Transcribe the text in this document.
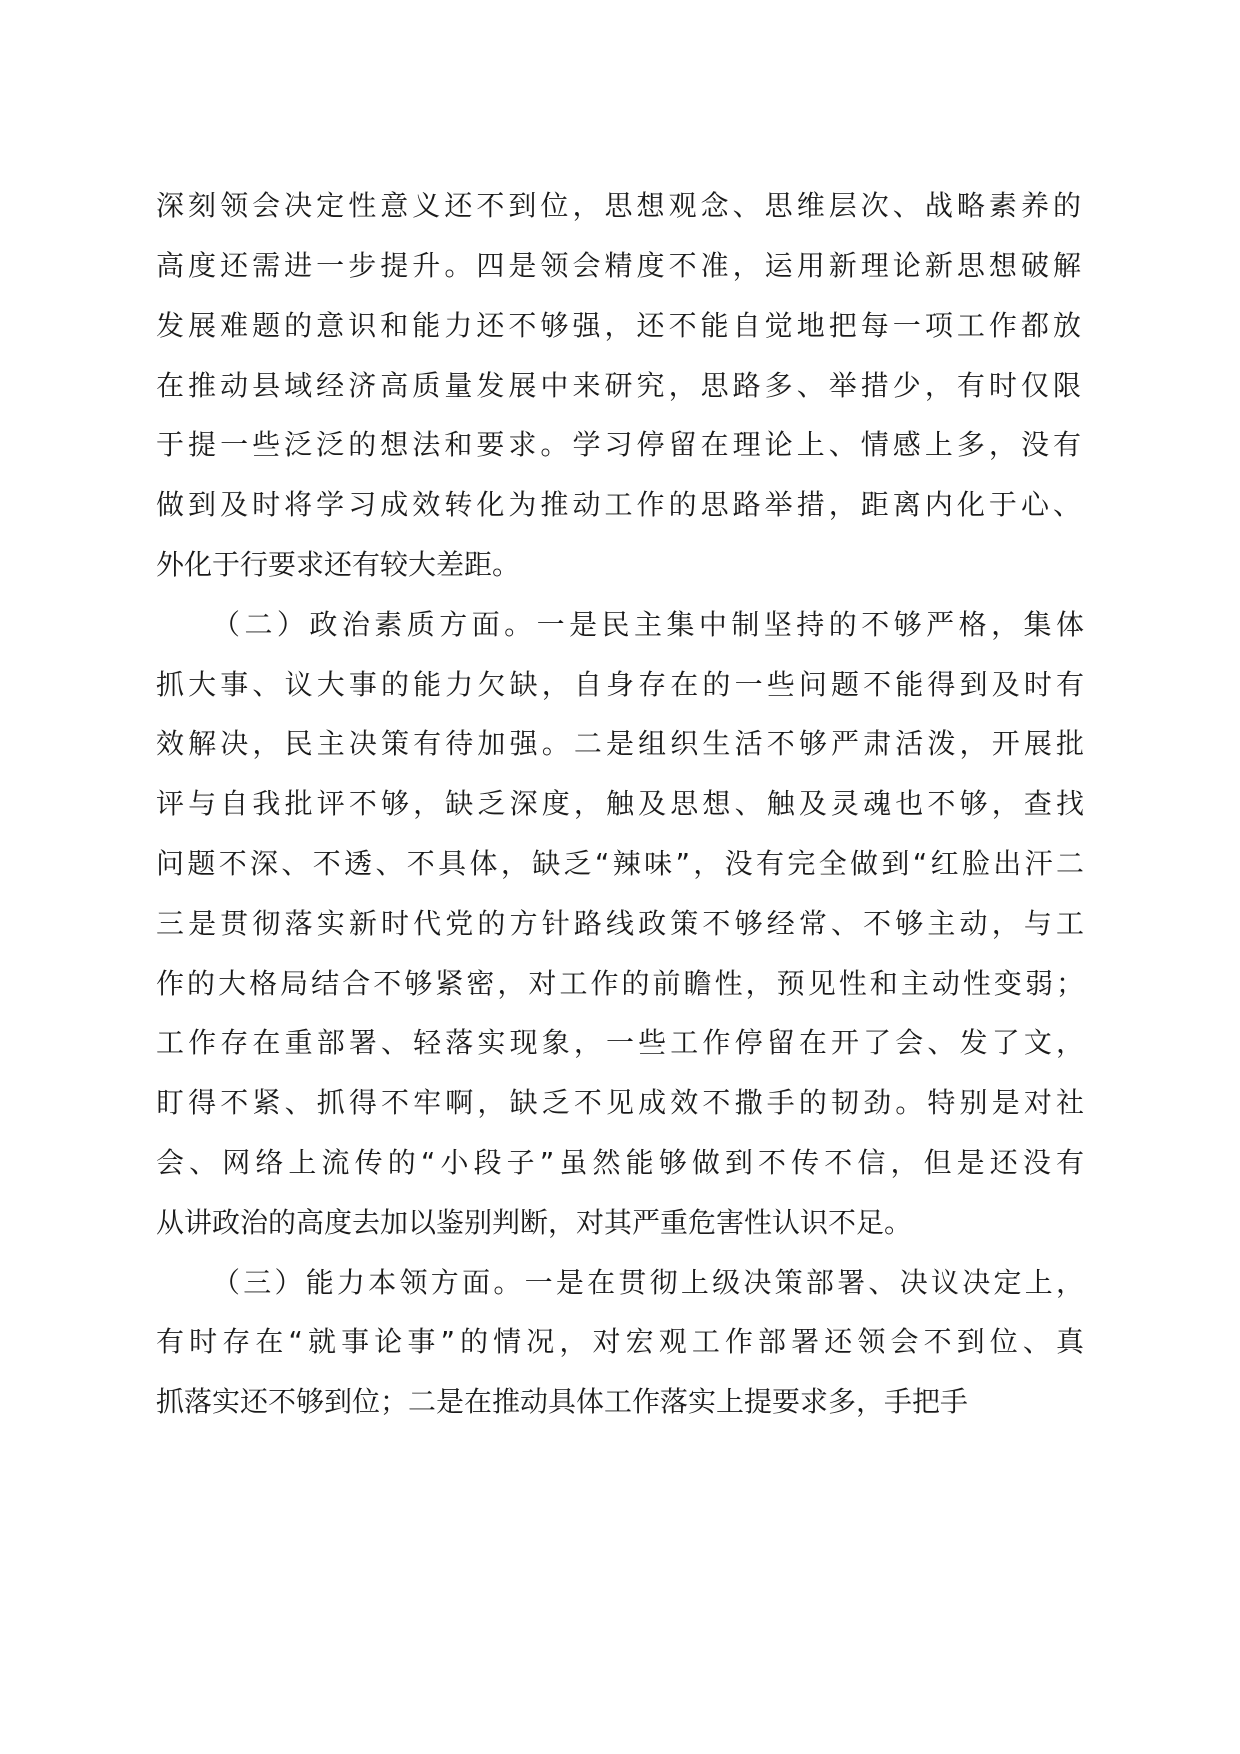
深刻领会决定性意义还不到位，思想观念、思维层次、战略素养的
高度还需进一步提升。四是领会精度不准，运用新理论新思想破解
发展难题的意识和能力还不够强，还不能自觉地把每一项工作都放
在推动县域经济高质量发展中来研究，思路多、举措少，有时仅限
于提一些泛泛的想法和要求。学习停留在理论上、情感上多，没有
做到及时将学习成效转化为推动工作的思路举措，距离内化于心、
外化于行要求还有较大差距。
（二）政治素质方面。一是民主集中制坚持的不够严格，集体
抓大事、议大事的能力欠缺，自身存在的一些问题不能得到及时有
效解决，民主决策有待加强。二是组织生活不够严肃活泼，开展批
评与自我批评不够，缺乏深度，触及思想、触及灵魂也不够，查找
问题不深、不透、不具体，缺乏“辣味”，没有完全做到“红脸出汗二
三是贯彻落实新时代党的方针路线政策不够经常、不够主动，与工
作的大格局结合不够紧密，对工作的前瞻性，预见性和主动性变弱；
工作存在重部署、轻落实现象，一些工作停留在开了会、发了文，
盯得不紧、抓得不牢啊，缺乏不见成效不撒手的韧劲。特别是对社
会、网络上流传的“小段子”虽然能够做到不传不信，但是还没有
从讲政治的高度去加以鉴别判断，对其严重危害性认识不足。
（三）能力本领方面。一是在贯彻上级决策部署、决议决定上，
有时存在“就事论事”的情况，对宏观工作部署还领会不到位、真
抓落实还不够到位；二是在推动具体工作落实上提要求多，手把手
